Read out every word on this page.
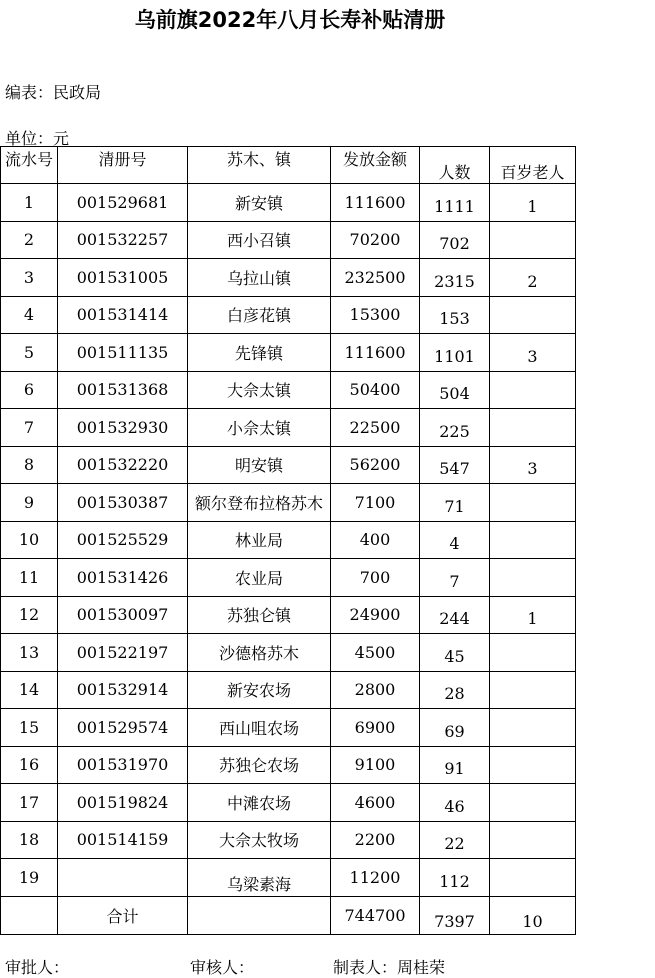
乌前旗2022年八月长寿补贴清册
编表：民政局
单位：元
流水号	清册号	苏木、镇	发放金额	人数	百岁老人
1	001529681	新安镇	111600	1111	1
2	001532257	西小召镇	70200	702	
3	001531005	乌拉山镇	232500	2315	2
4	001531414	白彦花镇	15300	153	
5	001511135	先锋镇	111600	1101	3
6	001531368	大佘太镇	50400	504	
7	001532930	小佘太镇	22500	225	
8	001532220	明安镇	56200	547	3
9	001530387	额尔登布拉格苏木	7100	71	
10	001525529	林业局	400	4	
11	001531426	农业局	700	7	
12	001530097	苏独仑镇	24900	244	1
13	001522197	沙德格苏木	4500	45	
14	001532914	新安农场	2800	28	
15	001529574	西山咀农场	6900	69	
16	001531970	苏独仑农场	9100	91	
17	001519824	中滩农场	4600	46	
18	001514159	大佘太牧场	2200	22	
19		乌梁素海	11200	112	
	合计		744700	7397	10
审批人：	审核人：	制表人：周桂荣
